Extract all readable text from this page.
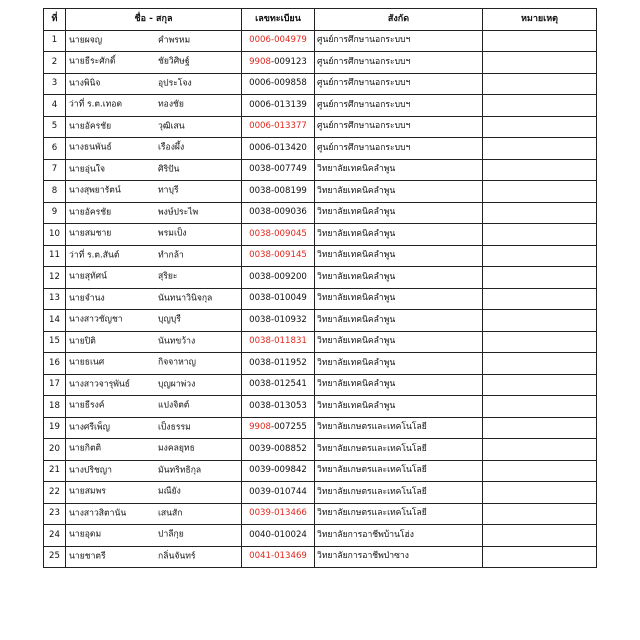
ที่	ชื่อ - สกุล	เลขทะเบียน	สังกัด	หมายเหตุ
1	นายผจญ คำพรหม	0006-004979	ศูนย์การศึกษานอกระบบฯ	
2	นายธีระศักดิ์ ชัยวิศิษฐ์	9908-009123	ศูนย์การศึกษานอกระบบฯ	
3	นางพินิจ อุประโจง	0006-009858	ศูนย์การศึกษานอกระบบฯ	
4	ว่าที่ ร.ต.เทอด ทองชัย	0006-013139	ศูนย์การศึกษานอกระบบฯ	
5	นายอัครชัย วุฒิเสน	0006-013377	ศูนย์การศึกษานอกระบบฯ	
6	นางธนพันธ์ เรืองผึ้ง	0006-013420	ศูนย์การศึกษานอกระบบฯ	
7	นายอุ่นใจ ศิริปัน	0038-007749	วิทยาลัยเทคนิคลำพูน	
8	นางสุพยารัตน์ ทาบุรี	0038-008199	วิทยาลัยเทคนิคลำพูน	
9	นายอัครชัย พงษ์ประไพ	0038-009036	วิทยาลัยเทคนิคลำพูน	
10	นายสมชาย พรมเป็ง	0038-009045	วิทยาลัยเทคนิคลำพูน	
11	ว่าที่ ร.ต.สันต์ ทำกล้า	0038-009145	วิทยาลัยเทคนิคลำพูน	
12	นายสุทัศน์ สุริยะ	0038-009200	วิทยาลัยเทคนิคลำพูน	
13	นายจำนง นันทนาวินิจกุล	0038-010049	วิทยาลัยเทคนิคลำพูน	
14	นางสาวชัญชา บุญบุรี	0038-010932	วิทยาลัยเทคนิคลำพูน	
15	นายปิติ นันทขว้าง	0038-011831	วิทยาลัยเทคนิคลำพูน	
16	นายธเนศ กิจจาหาญ	0038-011952	วิทยาลัยเทคนิคลำพูน	
17	นางสาวจารุพันธ์ บุญผาพ่วง	0038-012541	วิทยาลัยเทคนิคลำพูน	
18	นายธีรงค์ แปงจิตต์	0038-013053	วิทยาลัยเทคนิคลำพูน	
19	นางศรีเพ็ญ เป็งธรรม	9908-007255	วิทยาลัยเกษตรและเทคโนโลยี	
20	นายกิตติ มงคลยุทธ	0039-008852	วิทยาลัยเกษตรและเทคโนโลยี	
21	นางปริชญา มันทริทธิกุล	0039-009842	วิทยาลัยเกษตรและเทคโนโลยี	
22	นายสมพร มณียัง	0039-010744	วิทยาลัยเกษตรและเทคโนโลยี	
23	นางสาวสิตานัน เสนสัก	0039-013466	วิทยาลัยเกษตรและเทคโนโลยี	
24	นายอุดม ปาลีกุย	0040-010024	วิทยาลัยการอาชีพบ้านโฮ่ง	
25	นายชาตรี กลิ่นจันทร์	0041-013469	วิทยาลัยการอาชีพป่าซาง	
